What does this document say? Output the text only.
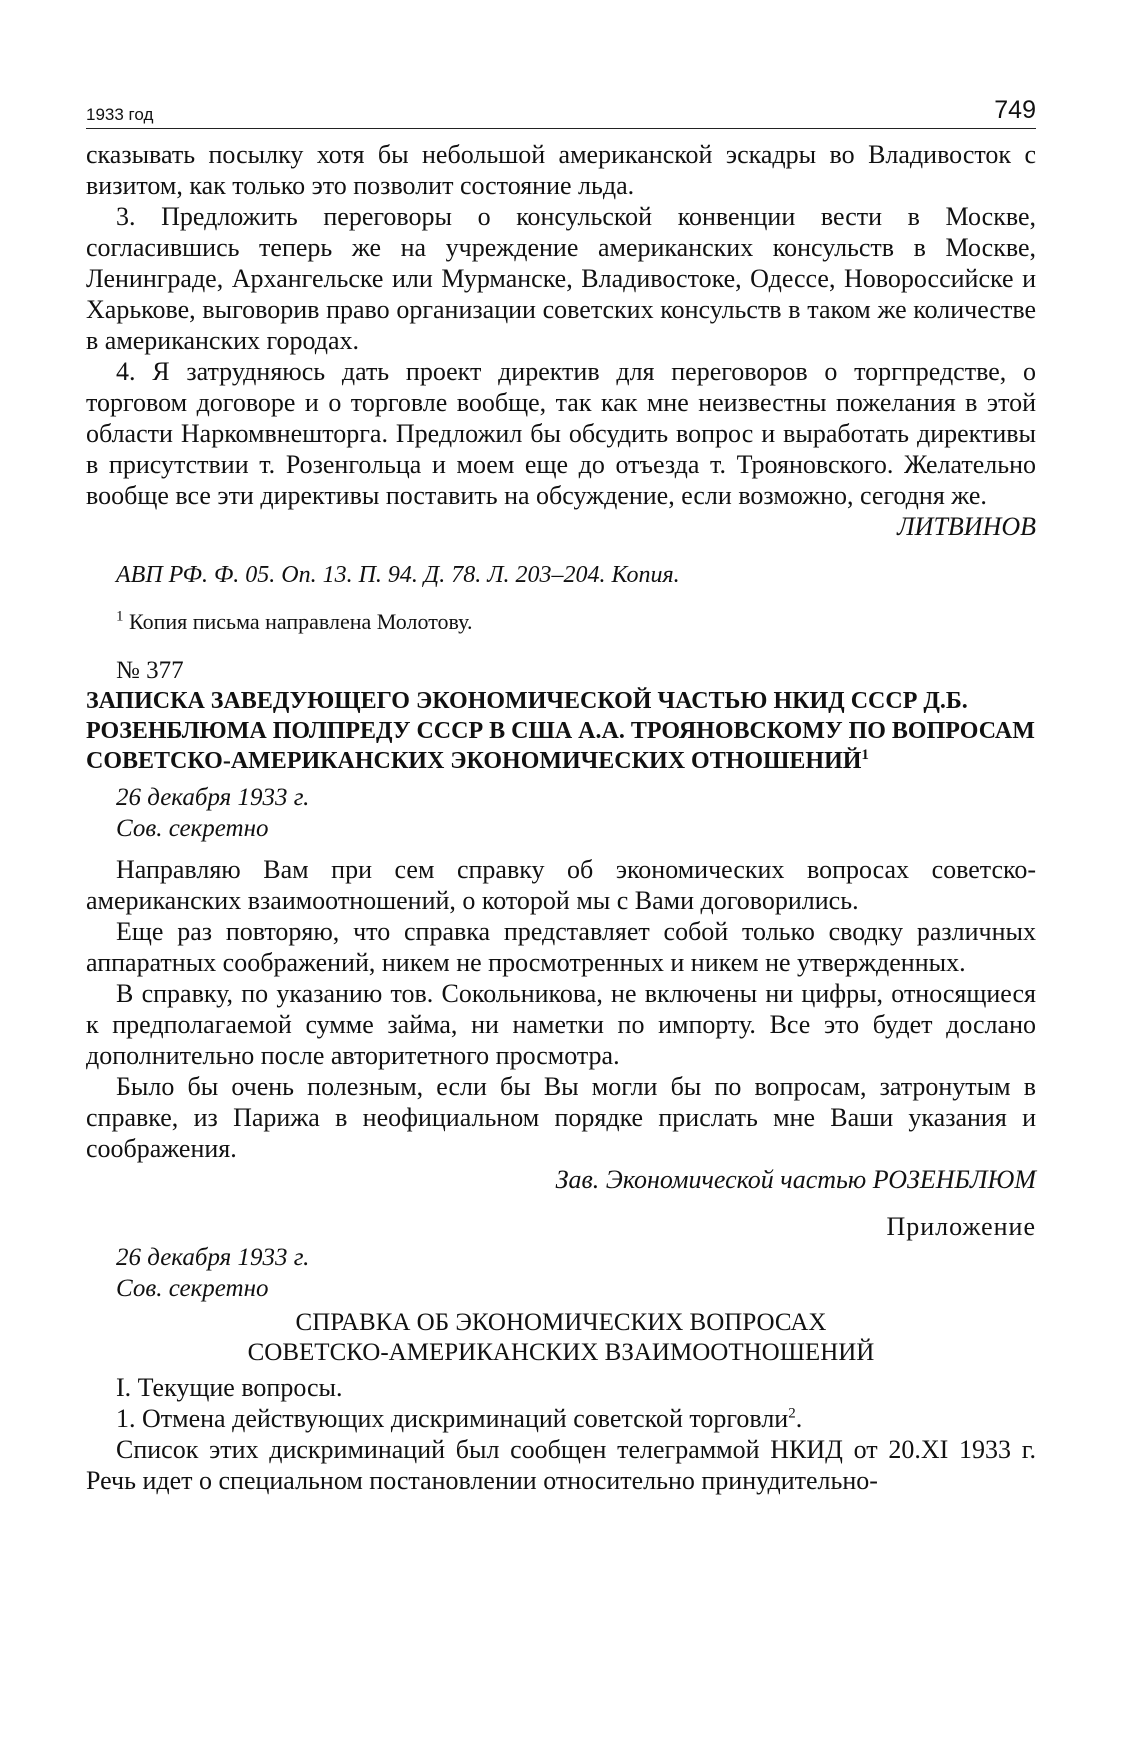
1933 год	749

сказывать посылку хотя бы небольшой американской эскадры во Владивосток с визитом, как только это позволит состояние льда.

3. Предложить переговоры о консульской конвенции вести в Москве, согласившись теперь же на учреждение американских консульств в Москве, Ленинграде, Архангельске или Мурманске, Владивостоке, Одессе, Новороссийске и Харькове, выговорив право организации советских консульств в таком же количестве в американских городах.

4. Я затрудняюсь дать проект директив для переговоров о торгпредстве, о торговом договоре и о торговле вообще, так как мне неизвестны пожелания в этой области Наркомвнешторга. Предложил бы обсудить вопрос и выработать директивы в присутствии т. Розенгольца и моем еще до отъезда т. Трояновского. Желательно вообще все эти директивы поставить на обсуждение, если возможно, сегодня же.

ЛИТВИНОВ
АВП РФ. Ф. 05. Оп. 13. П. 94. Д. 78. Л. 203–204. Копия.
$^1$ Копия письма направлена Молотову.
№ 377
ЗАПИСКА ЗАВЕДУЮЩЕГО ЭКОНОМИЧЕСКОЙ ЧАСТЬЮ НКИД СССР Д.Б. РОЗЕНБЛЮМА ПОЛПРЕДУ СССР В США А.А. ТРОЯНОВСКОМУ ПО ВОПРОСАМ СОВЕТСКО-АМЕРИКАНСКИХ ЭКОНОМИЧЕСКИХ ОТНОШЕНИЙ$^1$
26 декабря 1933 г.
Сов. секретно

Направляю Вам при сем справку об экономических вопросах советско-американских взаимоотношений, о которой мы с Вами договорились.

Еще раз повторяю, что справка представляет собой только сводку различных аппаратных соображений, никем не просмотренных и никем не утвержденных.

В справку, по указанию тов. Сокольникова, не включены ни цифры, относящиеся к предполагаемой сумме займа, ни наметки по импорту. Все это будет дослано дополнительно после авторитетного просмотра.

Было бы очень полезным, если бы Вы могли бы по вопросам, затронутым в справке, из Парижа в неофициальном порядке прислать мне Ваши указания и соображения.

Зав. Экономической частью РОЗЕНБЛЮМ
Приложение
26 декабря 1933 г.
Сов. секретно
СПРАВКА ОБ ЭКОНОМИЧЕСКИХ ВОПРОСАХ
СОВЕТСКО-АМЕРИКАНСКИХ ВЗАИМООТНОШЕНИЙ

I. Текущие вопросы.

1. Отмена действующих дискриминаций советской торговли$^2$.

Список этих дискриминаций был сообщен телеграммой НКИД от 20.XI 1933 г. Речь идет о специальном постановлении относительно принудительно-
